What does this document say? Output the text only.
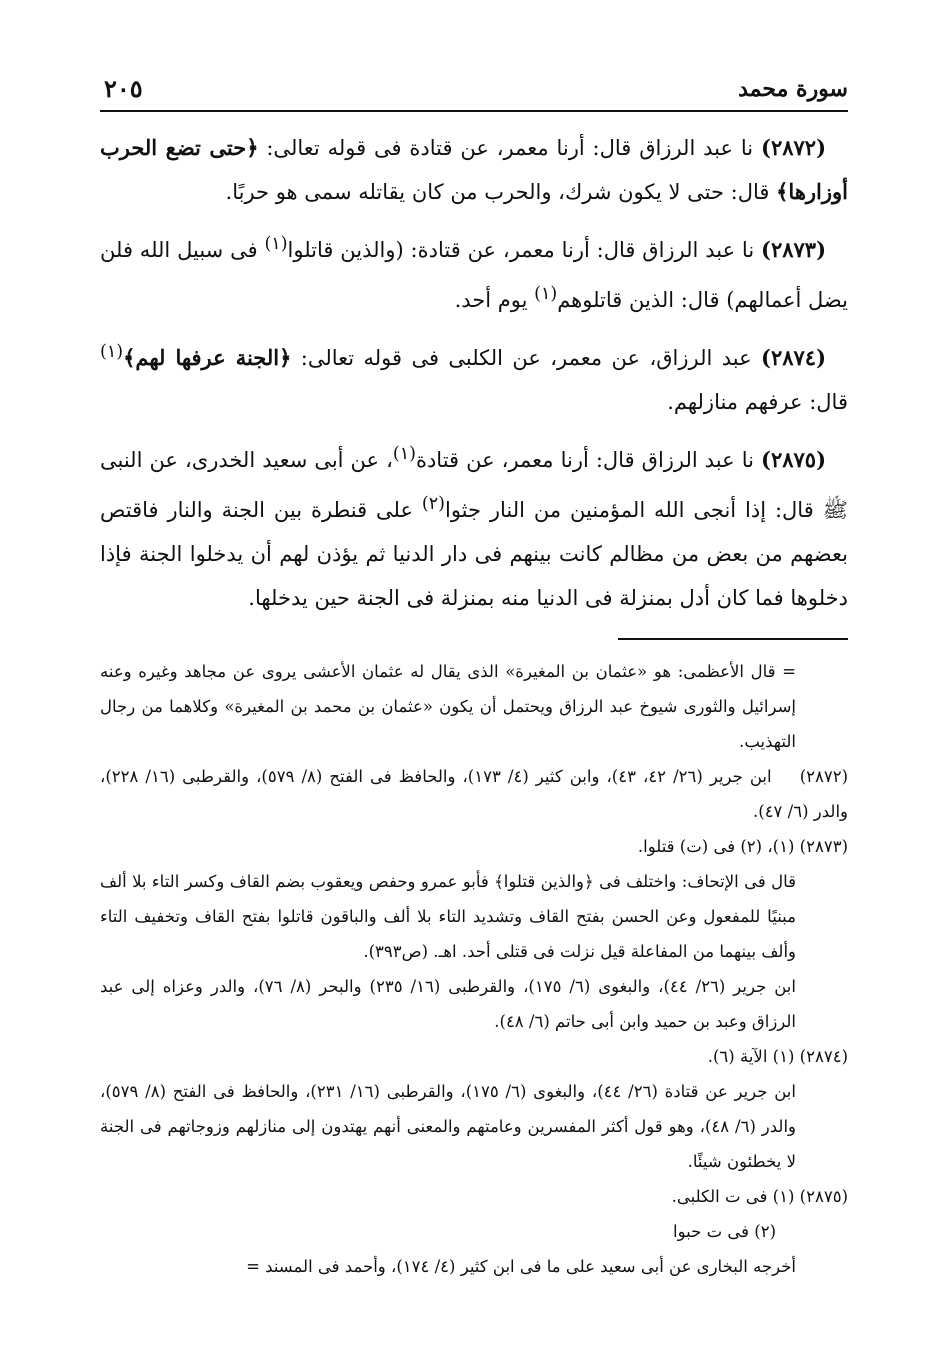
سورة محمد
٢٠٥

(٢٨٧٢) نا عبد الرزاق قال: أرنا معمر، عن قتادة فى قوله تعالى: ﴿حتى تضع الحرب أوزارها﴾ قال: حتى لا يكون شرك، والحرب من كان يقاتله سمى هو حربًا.

(٢٨٧٣) نا عبد الرزاق قال: أرنا معمر، عن قتادة: (والذين قاتلوا$^{(١)}$ فى سبيل الله فلن يضل أعمالهم) قال: الذين قاتلوهم$^{(١)}$ يوم أحد.

(٢٨٧٤) عبد الرزاق، عن معمر، عن الكلبى فى قوله تعالى: ﴿الجنة عرفها لهم﴾$^{(١)}$ قال: عرفهم منازلهم.

(٢٨٧٥) نا عبد الرزاق قال: أرنا معمر، عن قتادة$^{(١)}$، عن أبى سعيد الخدرى، عن النبى ﷺ قال: إذا أنجى الله المؤمنين من النار جثوا$^{(٢)}$ على قنطرة بين الجنة والنار فاقتص بعضهم من بعض من مظالم كانت بينهم فى دار الدنيا ثم يؤذن لهم أن يدخلوا الجنة فإذا دخلوها فما كان أدل بمنزلة فى الدنيا منه بمنزلة فى الجنة حين يدخلها.

= قال الأعظمى: هو «عثمان بن المغيرة» الذى يقال له عثمان الأعشى يروى عن مجاهد وغيره وعنه إسرائيل والثورى شيوخ عبد الرزاق ويحتمل أن يكون «عثمان بن محمد بن المغيرة» وكلاهما من رجال التهذيب.

(٢٨٧٢)    ابن جرير (٢٦/ ٤٢، ٤٣)، وابن كثير (٤/ ١٧٣)، والحافظ فى الفتح (٨/ ٥٧٩)، والقرطبى (١٦/ ٢٢٨)، والدر (٦/ ٤٧).

(٢٨٧٣) (١)، (٢) فى (ت) قتلوا.

قال فى الإتحاف: واختلف فى ﴿والذين قتلوا﴾ فأبو عمرو وحفص ويعقوب بضم القاف وكسر التاء بلا ألف مبنيًا للمفعول وعن الحسن بفتح القاف وتشديد التاء بلا ألف والباقون قاتلوا بفتح القاف وتخفيف التاء وألف بينهما من المفاعلة قيل نزلت فى قتلى أحد. اهـ. (ص٣٩٣).

ابن جرير (٢٦/ ٤٤)، والبغوى (٦/ ١٧٥)، والقرطبى (١٦/ ٢٣٥) والبحر (٨/ ٧٦)، والدر وعزاه إلى عبد الرزاق وعبد بن حميد وابن أبى حاتم (٦/ ٤٨).

(٢٨٧٤) (١) الآية (٦).

ابن جرير عن قتادة (٢٦/ ٤٤)، والبغوى (٦/ ١٧٥)، والقرطبى (١٦/ ٢٣١)، والحافظ فى الفتح (٨/ ٥٧٩)، والدر (٦/ ٤٨)، وهو قول أكثر المفسرين وعامتهم والمعنى أنهم يهتدون إلى منازلهم وزوجاتهم فى الجنة لا يخطئون شيئًا.

(٢٨٧٥) (١) فى ت الكلبى.

(٢) فى ت حبوا

أخرجه البخارى عن أبى سعيد على ما فى ابن كثير (٤/ ١٧٤)، وأحمد فى المسند =
